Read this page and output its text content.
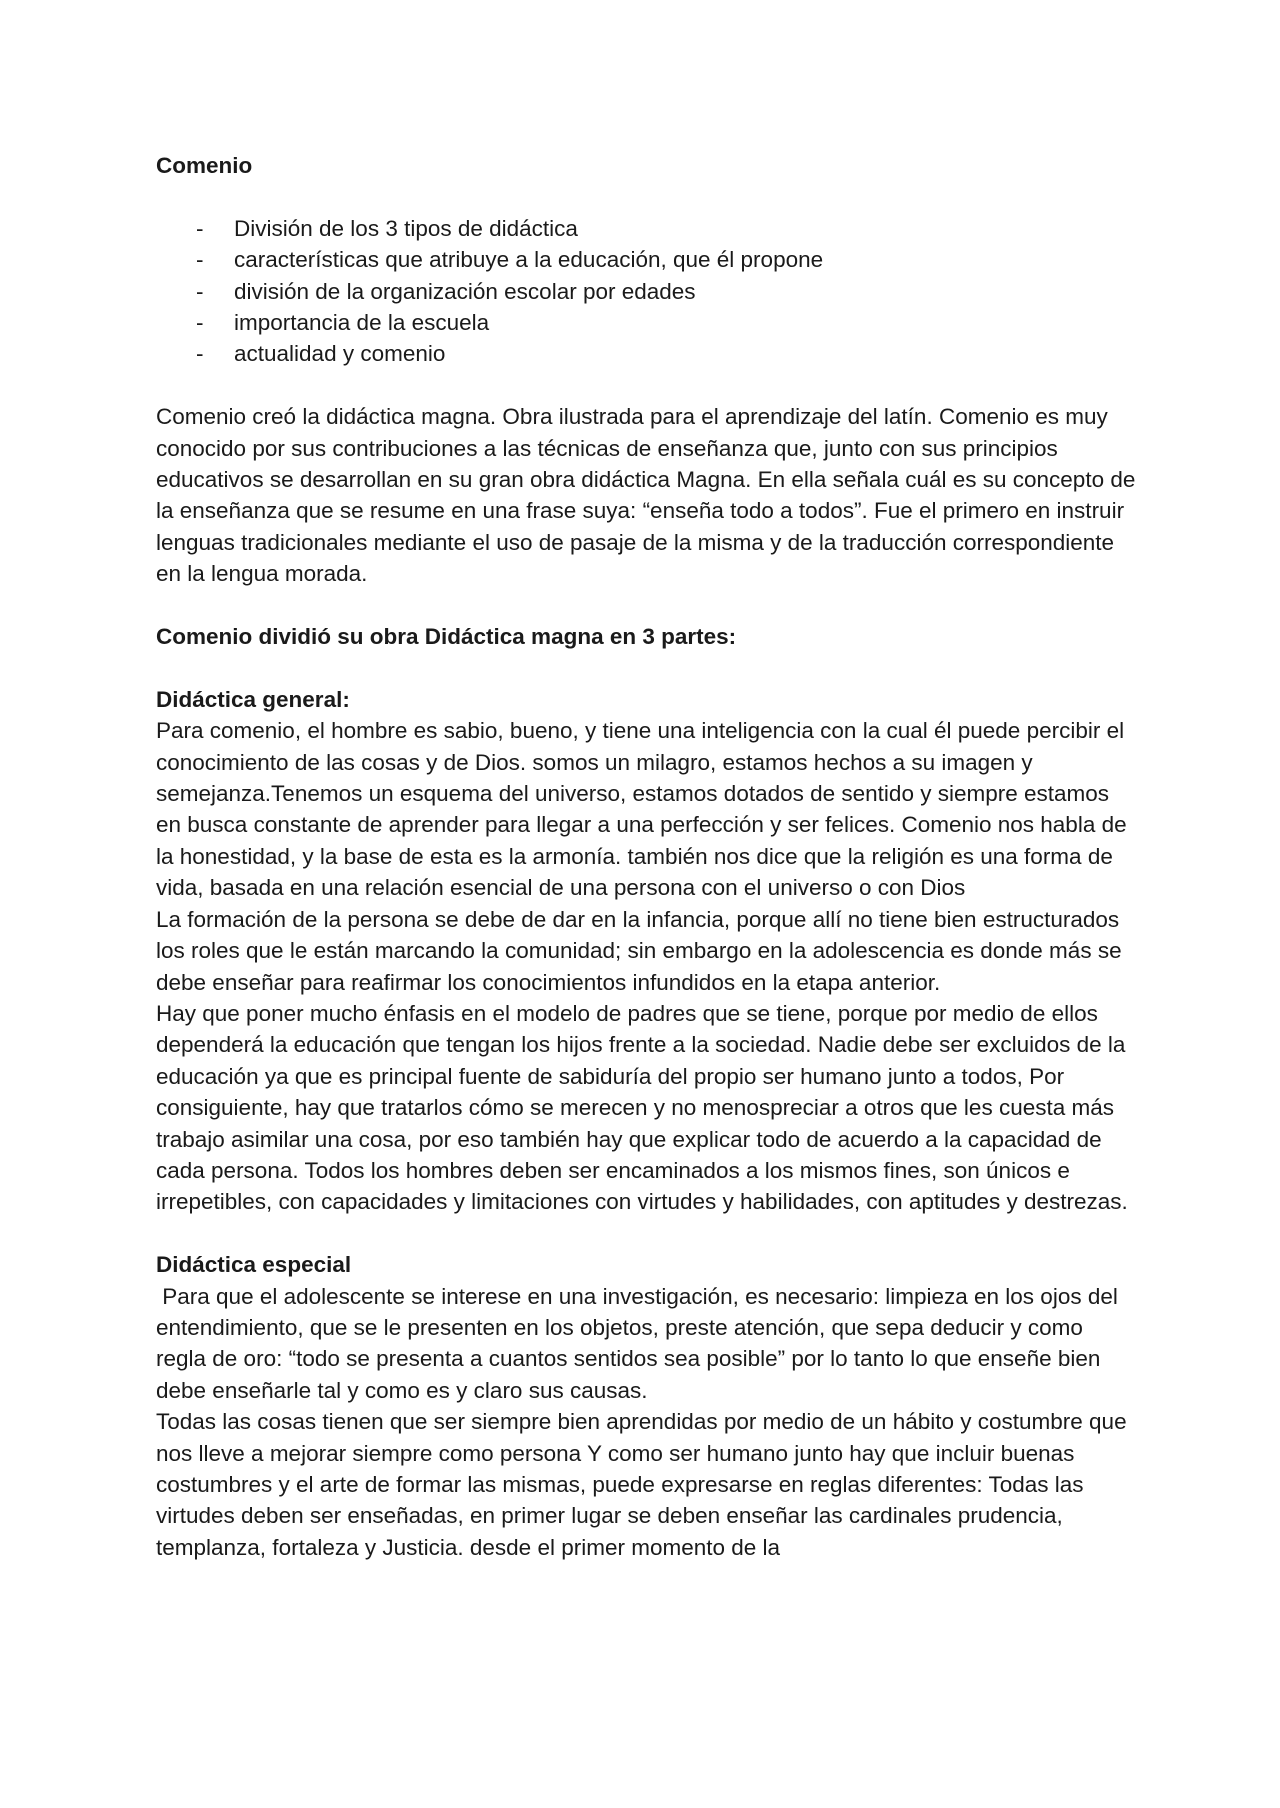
Comenio

- División de los 3 tipos de didáctica
- características que atribuye a la educación, que él propone
- división de la organización escolar por edades
- importancia de la escuela
- actualidad y comenio

Comenio creó la didáctica magna. Obra ilustrada para el aprendizaje del latín. Comenio es muy conocido por sus contribuciones a las técnicas de enseñanza que, junto con sus principios educativos se desarrollan en su gran obra didáctica Magna. En ella señala cuál es su concepto de la enseñanza que se resume en una frase suya: “enseña todo a todos”. Fue el primero en instruir lenguas tradicionales mediante el uso de pasaje de la misma y de la traducción correspondiente en la lengua morada.

Comenio dividió su obra Didáctica magna en 3 partes:

Didáctica general:

Para comenio, el hombre es sabio, bueno, y tiene una inteligencia con la cual él puede percibir el conocimiento de las cosas y de Dios. somos un milagro, estamos hechos a su imagen y semejanza.Tenemos un esquema del universo, estamos dotados de sentido y siempre estamos en busca constante de aprender para llegar a una perfección y ser felices. Comenio nos habla de la honestidad, y la base de esta es la armonía. también nos dice que la religión es una forma de vida, basada en una relación esencial de una persona con el universo o con Dios

La formación de la persona se debe de dar en la infancia, porque allí no tiene bien estructurados los roles que le están marcando la comunidad; sin embargo en la adolescencia es donde más se debe enseñar para reafirmar los conocimientos infundidos en la etapa anterior.

Hay que poner mucho énfasis en el modelo de padres que se tiene, porque por medio de ellos dependerá la educación que tengan los hijos frente a la sociedad. Nadie debe ser excluidos de la educación ya que es principal fuente de sabiduría del propio ser humano junto a todos, Por consiguiente, hay que tratarlos cómo se merecen y no menospreciar a otros que les cuesta más trabajo asimilar una cosa, por eso también hay que explicar todo de acuerdo a la capacidad de cada persona. Todos los hombres deben ser encaminados a los mismos fines, son únicos e irrepetibles, con capacidades y limitaciones con virtudes y habilidades, con aptitudes y destrezas.

Didáctica especial

Para que el adolescente se interese en una investigación, es necesario: limpieza en los ojos del entendimiento, que se le presenten en los objetos, preste atención, que sepa deducir y como regla de oro: “todo se presenta a cuantos sentidos sea posible” por lo tanto lo que enseñe bien debe enseñarle tal y como es y claro sus causas.

Todas las cosas tienen que ser siempre bien aprendidas por medio de un hábito y costumbre que nos lleve a mejorar siempre como persona Y como ser humano junto hay que incluir buenas costumbres y el arte de formar las mismas, puede expresarse en reglas diferentes: Todas las virtudes deben ser enseñadas, en primer lugar se deben enseñar las cardinales prudencia, templanza, fortaleza y Justicia. desde el primer momento de la
